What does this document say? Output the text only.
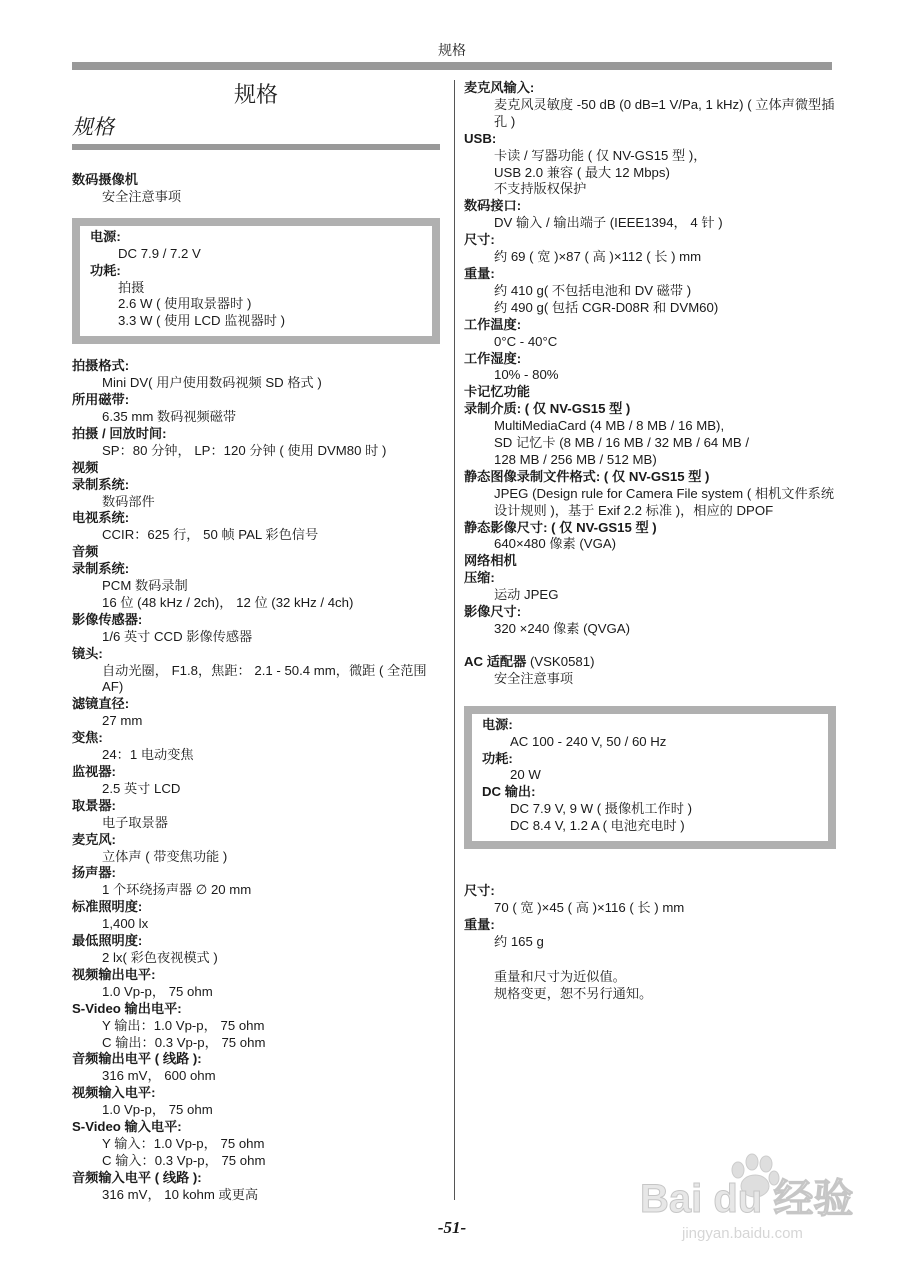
规格
规格
规格
数码摄像机
安全注意事项
电源:
DC 7.9 / 7.2 V
功耗:
拍摄
2.6 W ( 使用取景器时 )
3.3 W ( 使用 LCD 监视器时 )
拍摄格式:
Mini DV( 用户使用数码视频 SD 格式 )
所用磁带:
6.35 mm 数码视频磁带
拍摄 / 回放时间:
SP：80 分钟， LP：120 分钟 ( 使用 DVM80 时 )
视频
录制系统:
数码部件
电视系统:
CCIR：625 行， 50 帧 PAL 彩色信号
音频
录制系统:
PCM 数码录制
16 位 (48 kHz / 2ch)， 12 位 (32 kHz / 4ch)
影像传感器:
1/6 英寸 CCD 影像传感器
镜头:
自动光圈， F1.8，焦距： 2.1 - 50.4 mm，微距 ( 全范围 AF)
滤镜直径:
27 mm
变焦:
24：1 电动变焦
监视器:
2.5 英寸 LCD
取景器:
电子取景器
麦克风:
立体声 ( 带变焦功能 )
扬声器:
1 个环绕扬声器 ∅ 20 mm
标准照明度:
1,400 lx
最低照明度:
2 lx( 彩色夜视模式 )
视频输出电平:
1.0 Vp-p， 75 ohm
S-Video 输出电平:
Y 输出：1.0 Vp-p， 75 ohm
C 输出：0.3 Vp-p， 75 ohm
音频输出电平 ( 线路 ):
316 mV， 600 ohm
视频输入电平:
1.0 Vp-p， 75 ohm
S-Video 输入电平:
Y 输入：1.0 Vp-p， 75 ohm
C 输入：0.3 Vp-p， 75 ohm
音频输入电平 ( 线路 ):
316 mV， 10 kohm 或更高
麦克风输入:
麦克风灵敏度 -50 dB (0 dB=1 V/Pa, 1 kHz) ( 立体声微型插孔 )
USB:
卡读 / 写器功能 ( 仅 NV-GS15 型 )，
USB 2.0 兼容 ( 最大 12 Mbps)
不支持版权保护
数码接口:
DV 输入 / 输出端子 (IEEE1394， 4 针 )
尺寸:
约 69 ( 宽 )×87 ( 高 )×112 ( 长 ) mm
重量:
约 410 g( 不包括电池和 DV 磁带 )
约 490 g( 包括 CGR-D08R 和 DVM60)
工作温度:
0°C - 40°C
工作湿度:
10% - 80%
卡记忆功能
录制介质: ( 仅 NV-GS15 型 )
MultiMediaCard (4 MB / 8 MB / 16 MB),
SD 记忆卡 (8 MB / 16 MB / 32 MB / 64 MB /
128 MB / 256 MB / 512 MB)
静态图像录制文件格式: ( 仅 NV-GS15 型 )
JPEG (Design rule for Camera File system ( 相机文件系统设计规则 )，基于 Exif 2.2 标准 )，相应的 DPOF
静态影像尺寸: ( 仅 NV-GS15 型 )
640×480 像素 (VGA)
网络相机
压缩:
运动 JPEG
影像尺寸:
320 ×240 像素 (QVGA)
AC 适配器 (VSK0581)
安全注意事项
电源:
AC 100 - 240 V, 50 / 60 Hz
功耗:
20 W
DC 输出:
DC 7.9 V, 9 W ( 摄像机工作时 )
DC 8.4 V, 1.2 A ( 电池充电时 )
尺寸:
70 ( 宽 )×45 ( 高 )×116 ( 长 ) mm
重量:
约 165 g
重量和尺寸为近似值。
规格变更，恕不另行通知。
-51-
Bai du 经验
jingyan.baidu.com
